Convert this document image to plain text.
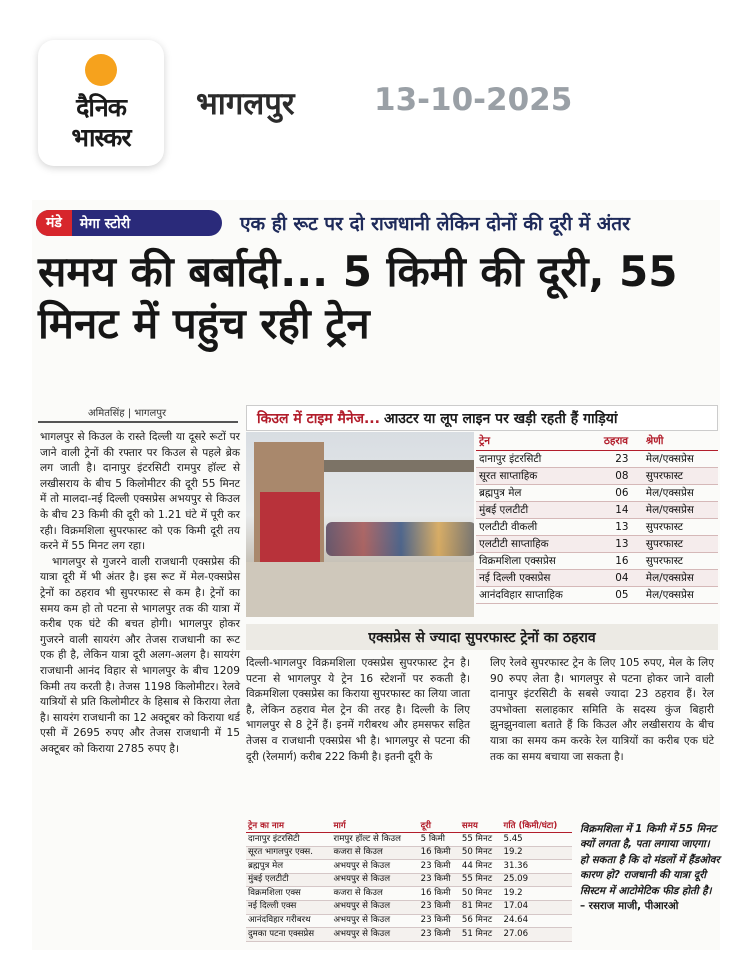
दैनिक
भास्कर
भागलपुर	13-10-2025
मंडे	मेगा स्टोरी	एक ही रूट पर दो राजधानी लेकिन दोनों की दूरी में अंतर
समय की बर्बादी... 5 किमी की दूरी, 55 मिनट में पहुंच रही ट्रेन
अमितसिंह | भागलपुर

भागलपुर से किउल के रास्ते दिल्ली या दूसरे रूटों पर जाने वाली ट्रेनों की रफ्तार पर किउल से पहले ब्रेक लग जाती है। दानापुर इंटरसिटी रामपुर हॉल्ट से लखीसराय के बीच 5 किलोमीटर की दूरी 55 मिनट में तो मालदा-नई दिल्ली एक्सप्रेस अभयपुर से किउल के बीच 23 किमी की दूरी को 1.21 घंटे में पूरी कर रही। विक्रमशिला सुपरफास्ट को एक किमी दूरी तय करने में 55 मिनट लग रहा।

भागलपुर से गुजरने वाली राजधानी एक्सप्रेस की यात्रा दूरी में भी अंतर है। इस रूट में मेल-एक्सप्रेस ट्रेनों का ठहराव भी सुपरफास्ट से कम है। ट्रेनों का समय कम हो तो पटना से भागलपुर तक की यात्रा में करीब एक घंटे की बचत होगी। भागलपुर होकर गुजरने वाली सायरंग और तेजस राजधानी का रूट एक ही है, लेकिन यात्रा दूरी अलग-अलग है। सायरंग राजधानी आनंद विहार से भागलपुर के बीच 1209 किमी तय करती है। तेजस 1198 किलोमीटर। रेलवे यात्रियों से प्रति किलोमीटर के हिसाब से किराया लेता है। सायरंग राजधानी का 12 अक्टूबर को किराया थर्ड एसी में 2695 रुपए और तेजस राजधानी में 15 अक्टूबर को किराया 2785 रुपए है।

किउल में टाइम मैनेज... आउटर या लूप लाइन पर खड़ी रहती हैं गाड़ियां
ट्रेन	ठहराव	श्रेणी
दानापुर इंटरसिटी	23	मेल/एक्सप्रेस
सूरत साप्ताहिक	08	सुपरफास्ट
ब्रह्मपुत्र मेल	06	मेल/एक्सप्रेस
मुंबई एलटीटी	14	मेल/एक्सप्रेस
एलटीटी वीकली	13	सुपरफास्ट
एलटीटी साप्ताहिक	13	सुपरफास्ट
विक्रमशिला एक्सप्रेस	16	सुपरफास्ट
नई दिल्ली एक्सप्रेस	04	मेल/एक्सप्रेस
आनंदविहार साप्ताहिक	05	मेल/एक्सप्रेस
एक्सप्रेस से ज्यादा सुपरफास्ट ट्रेनों का ठहराव
दिल्ली-भागलपुर विक्रमशिला एक्सप्रेस सुपरफास्ट ट्रेन है। पटना से भागलपुर ये ट्रेन 16 स्टेशनों पर रुकती है। विक्रमशिला एक्सप्रेस का किराया सुपरफास्ट का लिया जाता है, लेकिन ठहराव मेल ट्रेन की तरह है। दिल्ली के लिए भागलपुर से 8 ट्रेनें हैं। इनमें गरीबरथ और हमसफर सहित तेजस व राजधानी एक्सप्रेस भी है। भागलपुर से पटना की दूरी (रेलमार्ग) करीब 222 किमी है। इतनी दूरी के
लिए रेलवे सुपरफास्ट ट्रेन के लिए 105 रुपए, मेल के लिए 90 रुपए लेता है। भागलपुर से पटना होकर जाने वाली दानापुर इंटरसिटी के सबसे ज्यादा 23 ठहराव हैं। रेल उपभोक्ता सलाहकार समिति के सदस्य कुंज बिहारी झुनझुनवाला बताते हैं कि किउल और लखीसराय के बीच यात्रा का समय कम करके रेल यात्रियों का करीब एक घंटे तक का समय बचाया जा सकता है।
ट्रेन का नाम	मार्ग	दूरी	समय	गति (किमी/घंटा)
दानापुर इंटरसिटी	रामपुर हॉल्ट से किउल	5 किमी	55 मिनट	5.45
सूरत भागलपुर एक्स.	कजरा से किउल	16 किमी	50 मिनट	19.2
ब्रह्मपुत्र मेल	अभयपुर से किउल	23 किमी	44 मिनट	31.36
मुंबई एलटीटी	अभयपुर से किउल	23 किमी	55 मिनट	25.09
विक्रमशिला एक्स	कजरा से किउल	16 किमी	50 मिनट	19.2
नई दिल्ली एक्स	अभयपुर से किउल	23 किमी	81 मिनट	17.04
आनंदविहार गरीबरथ	अभयपुर से किउल	23 किमी	56 मिनट	24.64
दुमका पटना एक्सप्रेस	अभयपुर से किउल	23 किमी	51 मिनट	27.06
विक्रमशिला में 1 किमी में 55 मिनट क्यों लगता है, पता लगाया जाएगा। हो सकता है कि दो मंडलों में हैंडओवर कारण हो? राजधानी की यात्रा दूरी सिस्टम में आटोमेटिक फीड होती है।
– रसराज माजी, पीआरओ
